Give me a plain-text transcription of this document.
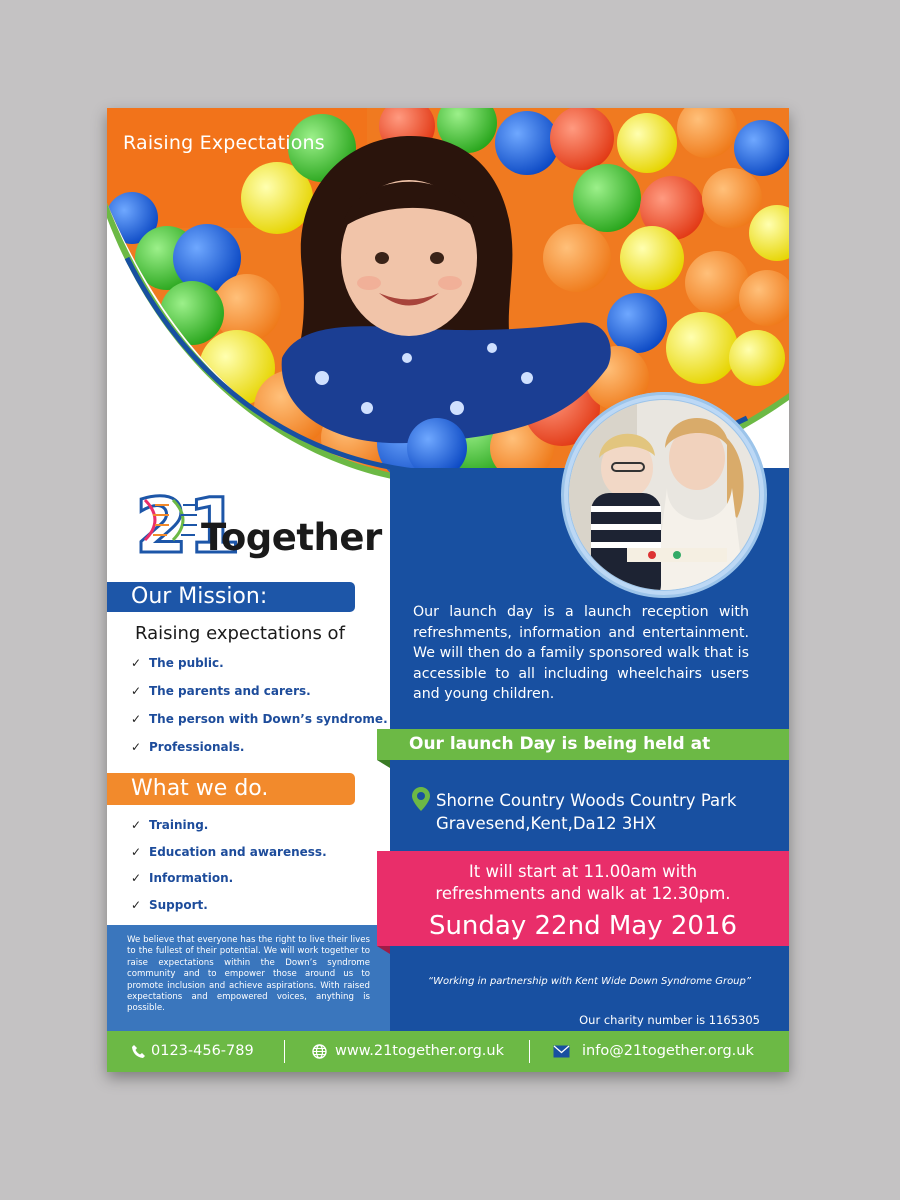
Raising Expectations
21
Together
Our Mission:
Raising expectations of
✓ The public.
✓ The parents and carers.
✓ The person with Down’s syndrome.
✓ Professionals.
What we do.
✓ Training.
✓ Education and awareness.
✓ Information.
✓ Support.

We believe that everyone has the right to live their lives to the fullest of their potential. We will work together to raise expectations within the Down’s syndrome community and to empower those around us to promote inclusion and achieve aspirations. With raised expectations and empowered voices, anything is possible.

Our launch day is a launch reception with refreshments, information and entertainment. We will then do a family sponsored walk that is accessible to all including wheelchairs users and young children.
Our launch Day is being held at
Shorne Country Woods Country Park
Gravesend,Kent,Da12 3HX
It will start at 11.00am with
refreshments and walk at 12.30pm.
Sunday 22nd May 2016
“Working in partnership with Kent Wide Down Syndrome Group”
Our charity number is 1165305
0123-456-789	www.21together.org.uk	info@21together.org.uk
